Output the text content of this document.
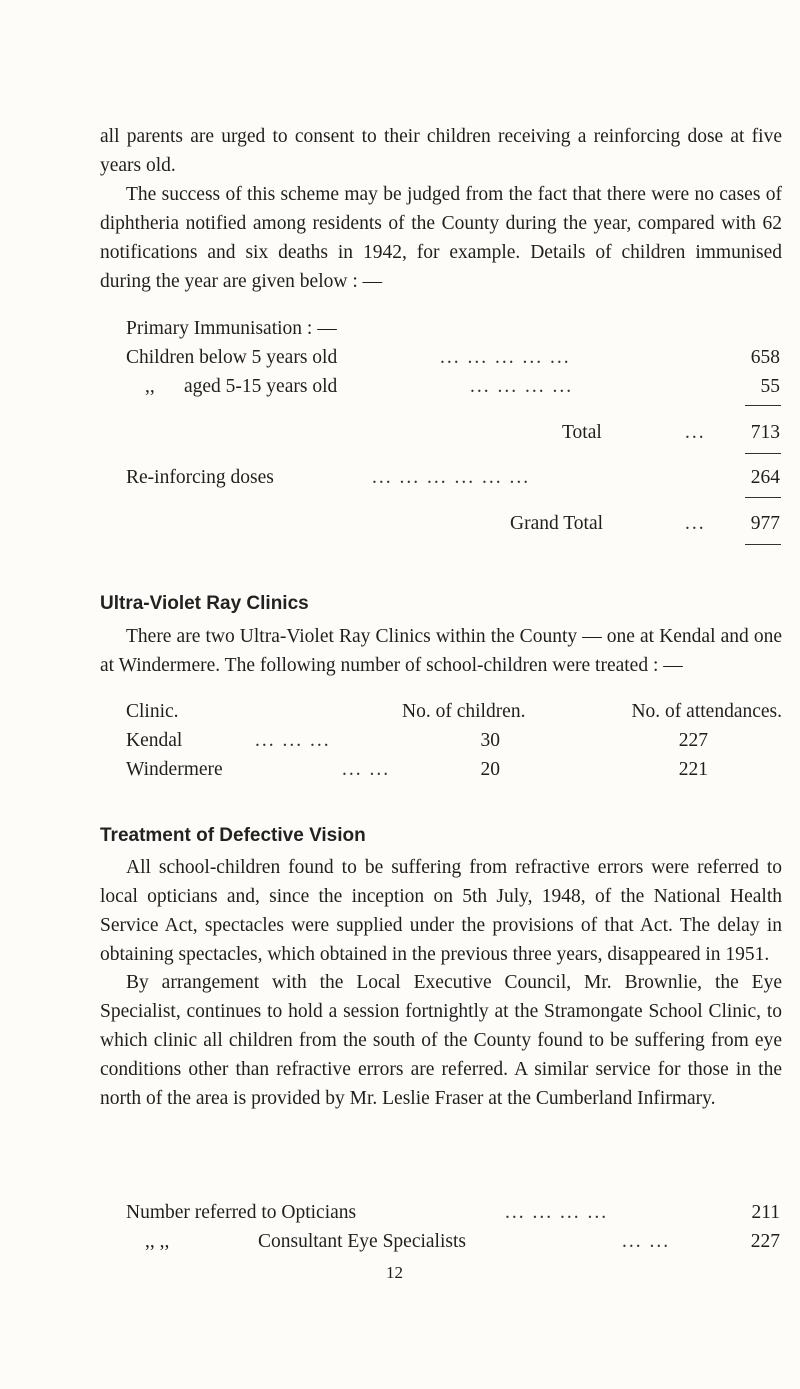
all parents are urged to consent to their children receiving a reinforcing dose at five years old.

The success of this scheme may be judged from the fact that there were no cases of diphtheria notified among residents of the County during the year, compared with 62 notifications and six deaths in 1942, for example. Details of children immunised during the year are given below : —

Primary Immunisation : —
Children below 5 years old	... ... ... ... ...	658
,, aged 5-15 years old	... ... ... ...	55
Total	...	713
Re-inforcing doses	... ... ... ... ... ...	264
Grand Total	...	977
Ultra-Violet Ray Clinics

There are two Ultra-Violet Ray Clinics within the County — one at Kendal and one at Windermere. The following number of school-children were treated : —

Clinic.	No. of children.	No. of attendances.
Kendal	... ... ...	30	227
Windermere	... ...	20	221
Treatment of Defective Vision

All school-children found to be suffering from refractive errors were referred to local opticians and, since the inception on 5th July, 1948, of the National Health Service Act, spectacles were supplied under the provisions of that Act. The delay in obtaining spectacles, which obtained in the previous three years, disappeared in 1951.

By arrangement with the Local Executive Council, Mr. Brownlie, the Eye Specialist, continues to hold a session fortnightly at the Stramongate School Clinic, to which clinic all children from the south of the County found to be suffering from eye conditions other than refractive errors are referred. A similar service for those in the north of the area is provided by Mr. Leslie Fraser at the Cumberland Infirmary.

Number referred to Opticians	... ... ... ...	211
,, ,,	Consultant Eye Specialists	... ...	227
12
